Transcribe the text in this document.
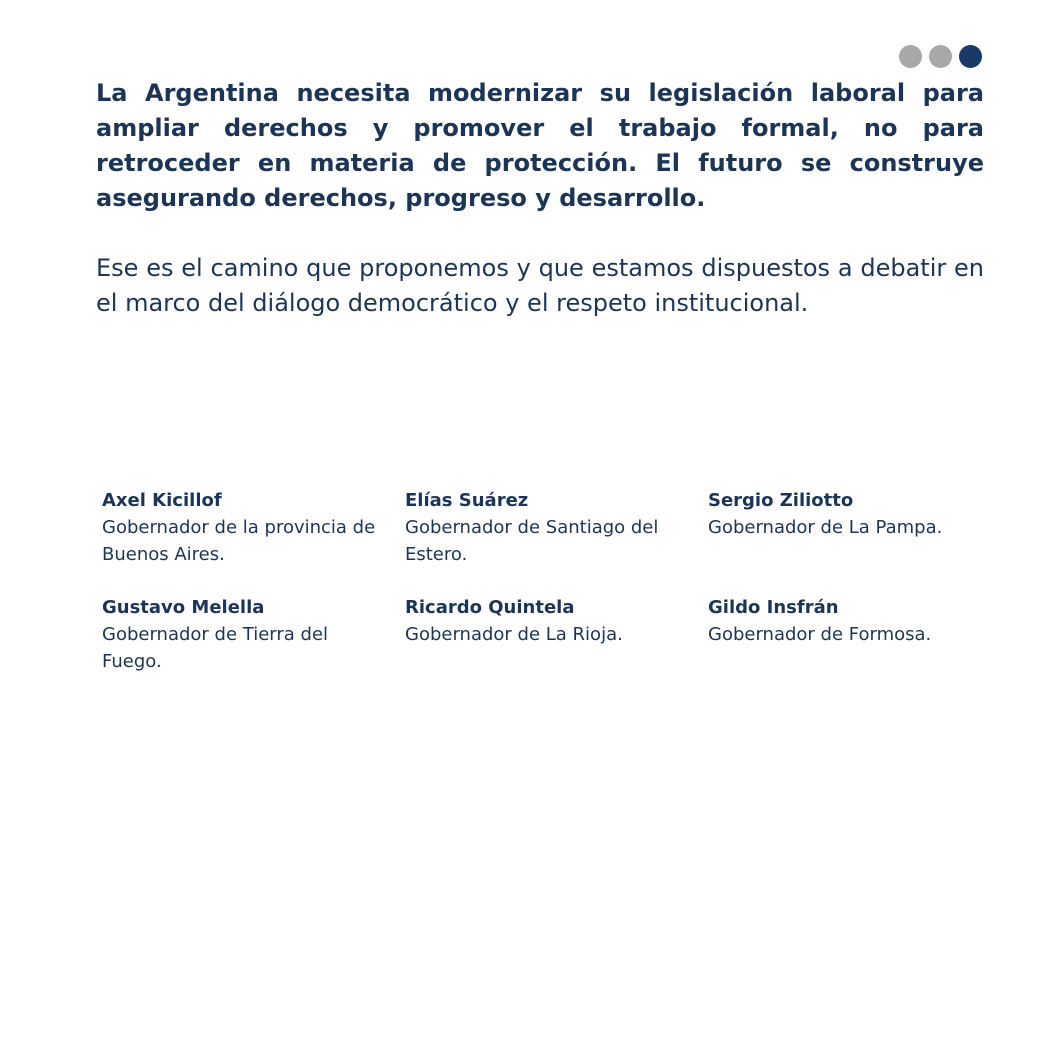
La Argentina necesita modernizar su legislación laboral para ampliar derechos y promover el trabajo formal, no para retroceder en materia de protección. El futuro se construye asegurando derechos, progreso y desarrollo.

Ese es el camino que proponemos y que estamos dispuestos a debatir en el marco del diálogo democrático y el respeto institucional.

Axel Kicillof
Gobernador de la provincia de Buenos Aires.
Elías Suárez
Gobernador de Santiago del Estero.
Sergio Ziliotto
Gobernador de La Pampa.
Gustavo Melella
Gobernador de Tierra del Fuego.
Ricardo Quintela
Gobernador de La Rioja.
Gildo Insfrán
Gobernador de Formosa.
